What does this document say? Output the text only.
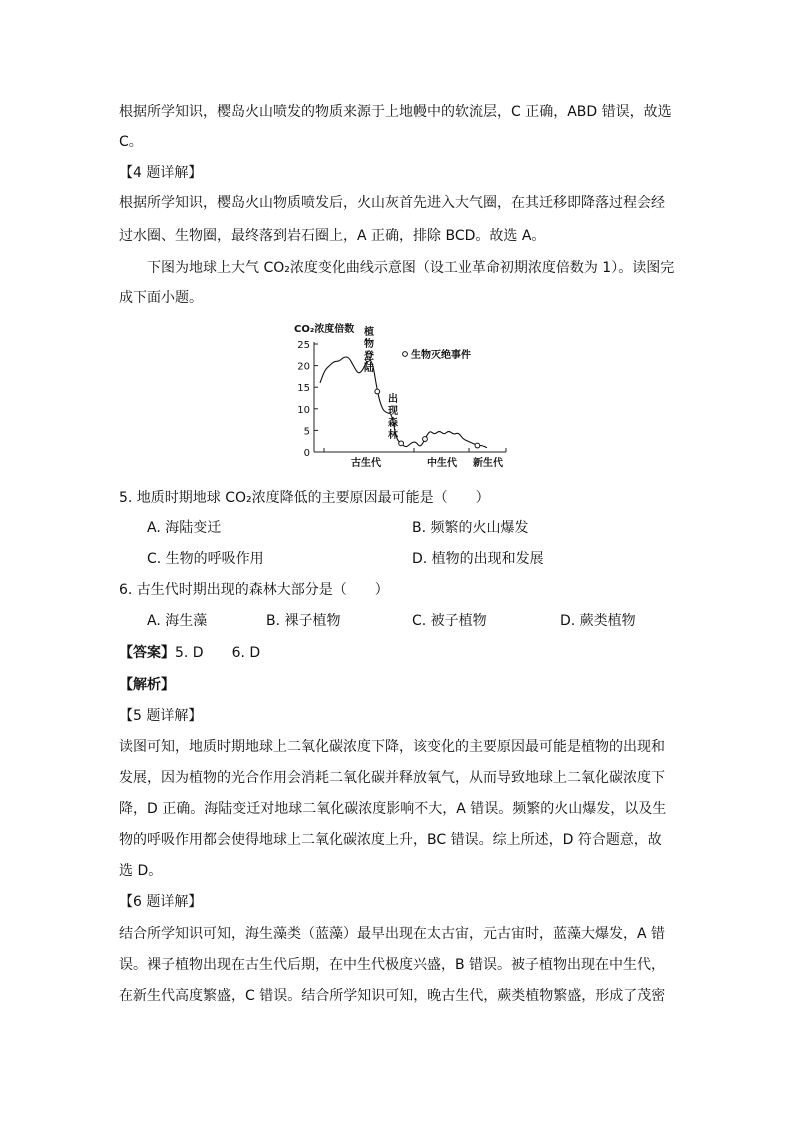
根据所学知识，樱岛火山喷发的物质来源于上地幔中的软流层，C 正确，ABD 错误，故选
C。
【4 题详解】
根据所学知识，樱岛火山物质喷发后，火山灰首先进入大气圈，在其迁移即降落过程会经
过水圈、生物圈，最终落到岩石圈上，A 正确，排除 BCD。故选 A。
下图为地球上大气 CO₂浓度变化曲线示意图（设工业革命初期浓度倍数为 1）。读图完
成下面小题。
CO₂浓度倍数
25
20
15
10
5
0
植
物
登
陆
出
现
森
林
生物灭绝事件
古生代	中生代 新生代
5. 地质时期地球 CO₂浓度降低的主要原因最可能是（　　）
A. 海陆变迁	B. 频繁的火山爆发
C. 生物的呼吸作用	D. 植物的出现和发展
6. 古生代时期出现的森林大部分是（　　）
A. 海生藻	B. 裸子植物	C. 被子植物	D. 蕨类植物
【答案】5. D　　6. D
【解析】
【5 题详解】
读图可知，地质时期地球上二氧化碳浓度下降，该变化的主要原因最可能是植物的出现和
发展，因为植物的光合作用会消耗二氧化碳并释放氧气，从而导致地球上二氧化碳浓度下
降，D 正确。海陆变迁对地球二氧化碳浓度影响不大，A 错误。频繁的火山爆发，以及生
物的呼吸作用都会使得地球上二氧化碳浓度上升，BC 错误。综上所述，D 符合题意，故
选 D。
【6 题详解】
结合所学知识可知，海生藻类（蓝藻）最早出现在太古宙，元古宙时，蓝藻大爆发，A 错
误。裸子植物出现在古生代后期，在中生代极度兴盛，B 错误。被子植物出现在中生代，
在新生代高度繁盛，C 错误。结合所学知识可知，晚古生代，蕨类植物繁盛，形成了茂密
